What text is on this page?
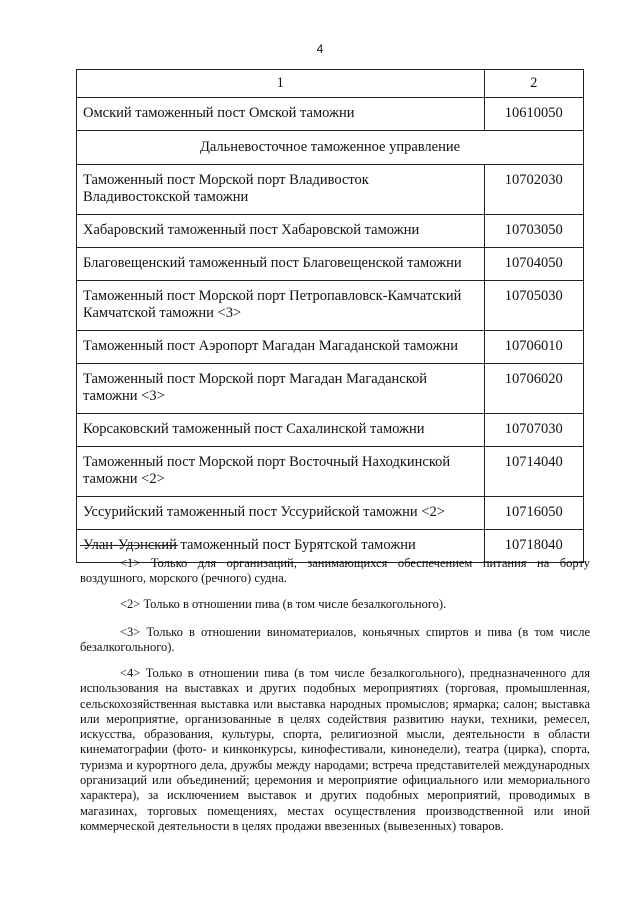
4
1	2
Омский таможенный пост Омской таможни	10610050
Дальневосточное таможенное управление	
Таможенный пост Морской порт Владивосток Владивостокской таможни	10702030
Хабаровский таможенный пост Хабаровской таможни	10703050
Благовещенский таможенный пост Благовещенской таможни	10704050
Таможенный пост Морской порт Петропавловск-Камчатский Камчатской таможни <3>	10705030
Таможенный пост Аэропорт Магадан Магаданской таможни	10706010
Таможенный пост Морской порт Магадан Магаданской таможни <3>	10706020
Корсаковский таможенный пост Сахалинской таможни	10707030
Таможенный пост Морской порт Восточный Находкинской таможни <2>	10714040
Уссурийский таможенный пост Уссурийской таможни <2>	10716050
Улан-Удэнский таможенный пост Бурятской таможни	10718040

<1> Только для организаций, занимающихся обеспечением питания на борту воздушного, морского (речного) судна.

<2> Только в отношении пива (в том числе безалкогольного).

<3> Только в отношении виноматериалов, коньячных спиртов и пива (в том числе безалкогольного).

<4> Только в отношении пива (в том числе безалкогольного), предназначенного для использования на выставках и других подобных мероприятиях (торговая, промышленная, сельскохозяйственная выставка или выставка народных промыслов; ярмарка; салон; выставка или мероприятие, организованные в целях содействия развитию науки, техники, ремесел, искусства, образования, культуры, спорта, религиозной мысли, деятельности в области кинематографии (фото- и кинконкурсы, кинофестивали, кинонедели), театра (цирка), спорта, туризма и курортного дела, дружбы между народами; встреча представителей международных организаций или объединений; церемония и мероприятие официального или мемориального характера), за исключением выставок и других подобных мероприятий, проводимых в магазинах, торговых помещениях, местах осуществления производственной или иной коммерческой деятельности в целях продажи ввезенных (вывезенных) товаров.
